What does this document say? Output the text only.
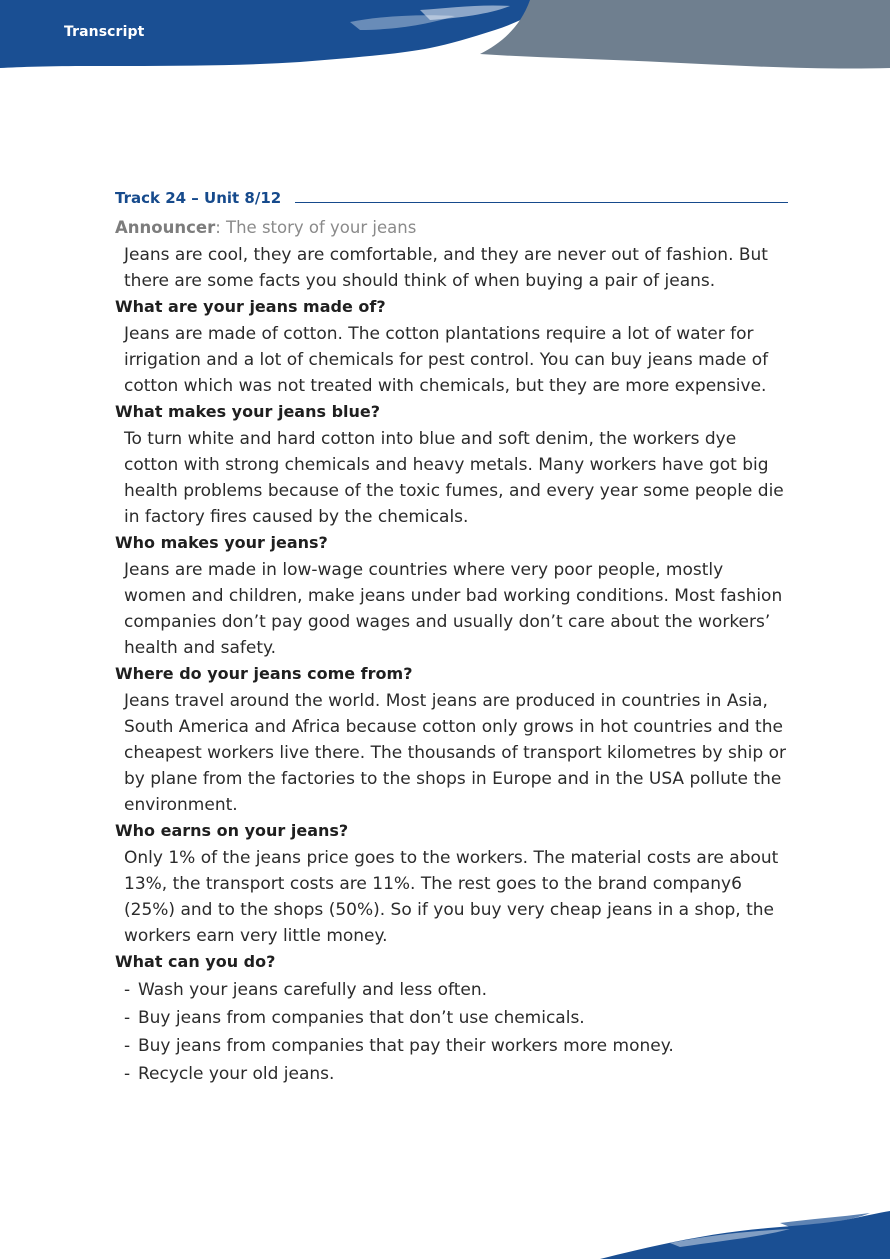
Transcript
Track 24 – Unit 8/12
Announcer: The story of your jeans
Jeans are cool, they are comfortable, and they are never out of fashion. But there are some facts you should think of when buying a pair of jeans.
What are your jeans made of?
Jeans are made of cotton. The cotton plantations require a lot of water for irrigation and a lot of chemicals for pest control. You can buy jeans made of cotton which was not treated with chemicals, but they are more expensive.
What makes your jeans blue?
To turn white and hard cotton into blue and soft denim, the workers dye cotton with strong chemicals and heavy metals. Many workers have got big health problems because of the toxic fumes, and every year some people die in factory fires caused by the chemicals.
Who makes your jeans?
Jeans are made in low-wage countries where very poor people, mostly women and children, make jeans under bad working conditions. Most fashion companies don’t pay good wages and usually don’t care about the workers’ health and safety.
Where do your jeans come from?
Jeans travel around the world. Most jeans are produced in countries in Asia, South America and Africa because cotton only grows in hot countries and the cheapest workers live there. The thousands of transport kilometres by ship or by plane from the factories to the shops in Europe and in the USA pollute the environment.
Who earns on your jeans?
Only 1% of the jeans price goes to the workers. The material costs are about 13%, the transport costs are 11%. The rest goes to the brand company6 (25%) and to the shops (50%). So if you buy very cheap jeans in a shop, the workers earn very little money.
What can you do?
- Wash your jeans carefully and less often.
- Buy jeans from companies that don’t use chemicals.
- Buy jeans from companies that pay their workers more money.
- Recycle your old jeans.
